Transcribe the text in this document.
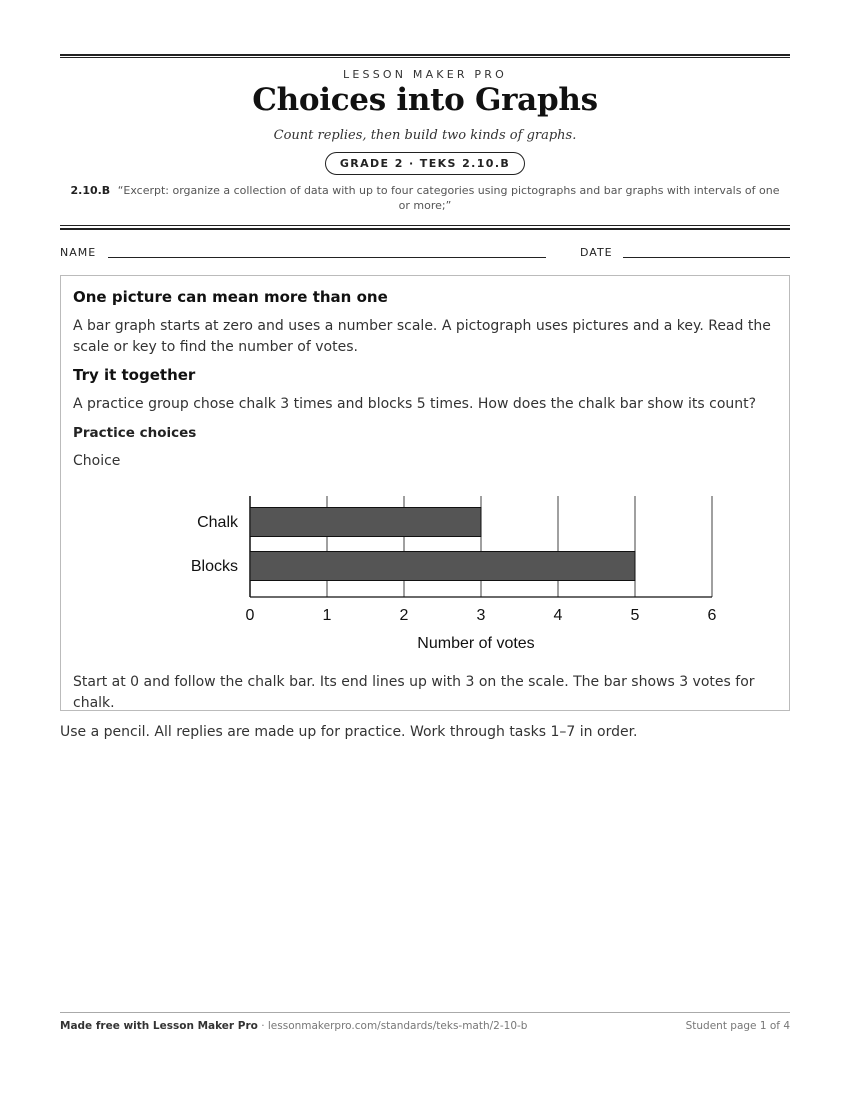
LESSON MAKER PRO
Choices into Graphs
Count replies, then build two kinds of graphs.
GRADE 2 · TEKS 2.10.B
2.10.B “Excerpt: organize a collection of data with up to four categories using pictographs and bar graphs with intervals of one or more;”
NAME	DATE
One picture can mean more than one
A bar graph starts at zero and uses a number scale. A pictograph uses pictures and a key. Read the scale or key to find the number of votes.
Try it together
A practice group chose chalk 3 times and blocks 5 times. How does the chalk bar show its count?
Practice choices
Choice
Start at 0 and follow the chalk bar. Its end lines up with 3 on the scale. The bar shows 3 votes for chalk.
Use a pencil. All replies are made up for practice. Work through tasks 1–7 in order.
Made free with Lesson Maker Pro · lessonmakerpro.com/standards/teks-math/2-10-b	Student page 1 of 4
Chalk
Blocks
0	1	2	3	4	5	6
Number of votes
